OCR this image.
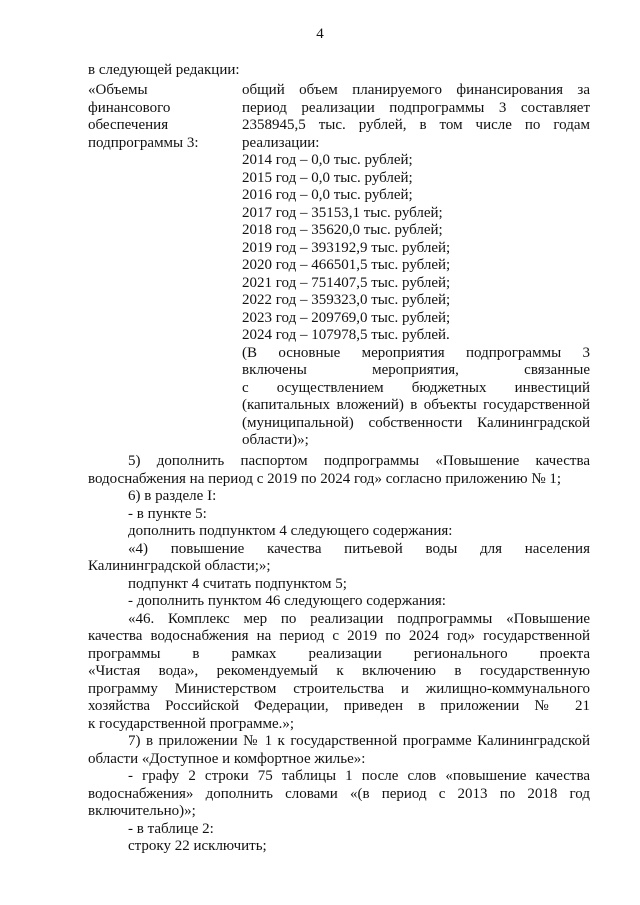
4
в следующей редакции:
«Объемы
финансового
обеспечения
подпрограммы 3:
общий объем планируемого финансирования за
период реализации подпрограммы 3 составляет
2358945,5 тыс. рублей, в том числе по годам
реализации:
2014 год – 0,0 тыс. рублей;
2015 год – 0,0 тыс. рублей;
2016 год – 0,0 тыс. рублей;
2017 год – 35153,1 тыс. рублей;
2018 год – 35620,0 тыс. рублей;
2019 год – 393192,9 тыс. рублей;
2020 год – 466501,5 тыс. рублей;
2021 год – 751407,5 тыс. рублей;
2022 год – 359323,0 тыс. рублей;
2023 год – 209769,0 тыс. рублей;
2024 год – 107978,5 тыс. рублей.
(В основные мероприятия подпрограммы 3
включены мероприятия, связанные
с осуществлением бюджетных инвестиций
(капитальных вложений) в объекты государственной
(муниципальной) собственности Калининградской
области)»;
5) дополнить паспортом подпрограммы «Повышение качества
водоснабжения на период с 2019 по 2024 год» согласно приложению № 1;
6) в разделе I:
- в пункте 5:
дополнить подпунктом 4 следующего содержания:
«4) повышение качества питьевой воды для населения
Калининградской области;»;
подпункт 4 считать подпунктом 5;
- дополнить пунктом 46 следующего содержания:
«46. Комплекс мер по реализации подпрограммы «Повышение
качества водоснабжения на период с 2019 по 2024 год» государственной
программы в рамках реализации регионального проекта
«Чистая вода», рекомендуемый к включению в государственную
программу Министерством строительства и жилищно-коммунального
хозяйства Российской Федерации, приведен в приложении № 21
к государственной программе.»;
7) в приложении № 1 к государственной программе Калининградской
области «Доступное и комфортное жилье»:
- графу 2 строки 75 таблицы 1 после слов «повышение качества
водоснабжения» дополнить словами «(в период с 2013 по 2018 год
включительно)»;
- в таблице 2:
строку 22 исключить;
